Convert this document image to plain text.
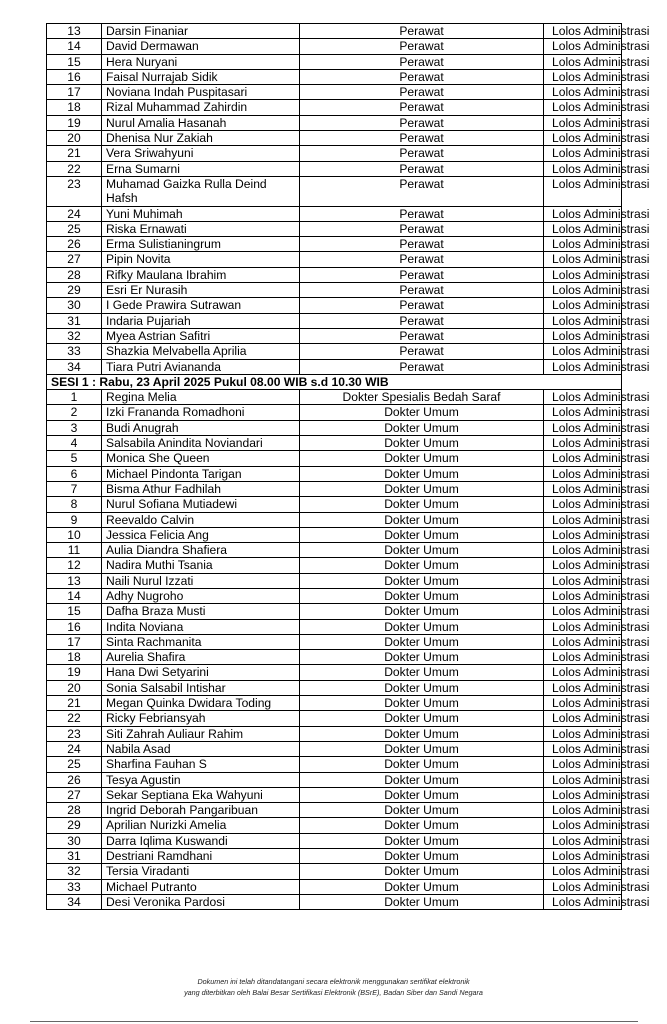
13	Darsin Finaniar	Perawat	Lolos Administrasi
14	David Dermawan	Perawat	Lolos Administrasi
15	Hera Nuryani	Perawat	Lolos Administrasi
16	Faisal Nurrajab Sidik	Perawat	Lolos Administrasi
17	Noviana Indah Puspitasari	Perawat	Lolos Administrasi
18	Rizal Muhammad Zahirdin	Perawat	Lolos Administrasi
19	Nurul Amalia Hasanah	Perawat	Lolos Administrasi
20	Dhenisa Nur Zakiah	Perawat	Lolos Administrasi
21	Vera Sriwahyuni	Perawat	Lolos Administrasi
22	Erna Sumarni	Perawat	Lolos Administrasi
23	Muhamad Gaizka Rulla Deind Hafsh	Perawat	Lolos Administrasi
24	Yuni Muhimah	Perawat	Lolos Administrasi
25	Riska Ernawati	Perawat	Lolos Administrasi
26	Erma Sulistianingrum	Perawat	Lolos Administrasi
27	Pipin Novita	Perawat	Lolos Administrasi
28	Rifky Maulana Ibrahim	Perawat	Lolos Administrasi
29	Esri Er Nurasih	Perawat	Lolos Administrasi
30	I Gede Prawira Sutrawan	Perawat	Lolos Administrasi
31	Indaria Pujariah	Perawat	Lolos Administrasi
32	Myea Astrian Safitri	Perawat	Lolos Administrasi
33	Shazkia Melvabella Aprilia	Perawat	Lolos Administrasi
34	Tiara Putri Aviananda	Perawat	Lolos Administrasi
SESI 1 : Rabu, 23 April 2025 Pukul 08.00 WIB s.d 10.30 WIB			
1	Regina Melia	Dokter Spesialis Bedah Saraf	Lolos Administrasi
2	Izki Frananda Romadhoni	Dokter Umum	Lolos Administrasi
3	Budi Anugrah	Dokter Umum	Lolos Administrasi
4	Salsabila Anindita Noviandari	Dokter Umum	Lolos Administrasi
5	Monica She Queen	Dokter Umum	Lolos Administrasi
6	Michael Pindonta Tarigan	Dokter Umum	Lolos Administrasi
7	Bisma Athur Fadhilah	Dokter Umum	Lolos Administrasi
8	Nurul Sofiana Mutiadewi	Dokter Umum	Lolos Administrasi
9	Reevaldo Calvin	Dokter Umum	Lolos Administrasi
10	Jessica Felicia Ang	Dokter Umum	Lolos Administrasi
11	Aulia Diandra Shafiera	Dokter Umum	Lolos Administrasi
12	Nadira Muthi Tsania	Dokter Umum	Lolos Administrasi
13	Naili Nurul Izzati	Dokter Umum	Lolos Administrasi
14	Adhy Nugroho	Dokter Umum	Lolos Administrasi
15	Dafha Braza Musti	Dokter Umum	Lolos Administrasi
16	Indita Noviana	Dokter Umum	Lolos Administrasi
17	Sinta Rachmanita	Dokter Umum	Lolos Administrasi
18	Aurelia Shafira	Dokter Umum	Lolos Administrasi
19	Hana Dwi Setyarini	Dokter Umum	Lolos Administrasi
20	Sonia Salsabil Intishar	Dokter Umum	Lolos Administrasi
21	Megan Quinka Dwidara Toding	Dokter Umum	Lolos Administrasi
22	Ricky Febriansyah	Dokter Umum	Lolos Administrasi
23	Siti Zahrah Auliaur Rahim	Dokter Umum	Lolos Administrasi
24	Nabila Asad	Dokter Umum	Lolos Administrasi
25	Sharfina Fauhan S	Dokter Umum	Lolos Administrasi
26	Tesya Agustin	Dokter Umum	Lolos Administrasi
27	Sekar Septiana Eka Wahyuni	Dokter Umum	Lolos Administrasi
28	Ingrid Deborah Pangaribuan	Dokter Umum	Lolos Administrasi
29	Aprilian Nurizki Amelia	Dokter Umum	Lolos Administrasi
30	Darra Iqlima Kuswandi	Dokter Umum	Lolos Administrasi
31	Destriani Ramdhani	Dokter Umum	Lolos Administrasi
32	Tersia Viradanti	Dokter Umum	Lolos Administrasi
33	Michael Putranto	Dokter Umum	Lolos Administrasi
34	Desi Veronika Pardosi	Dokter Umum	Lolos Administrasi
Dokumen ini telah ditandatangani secara elektronik menggunakan sertifikat elektronik
yang diterbitkan oleh Balai Besar Sertifikasi Elektronik (BSrE), Badan Siber dan Sandi Negara
